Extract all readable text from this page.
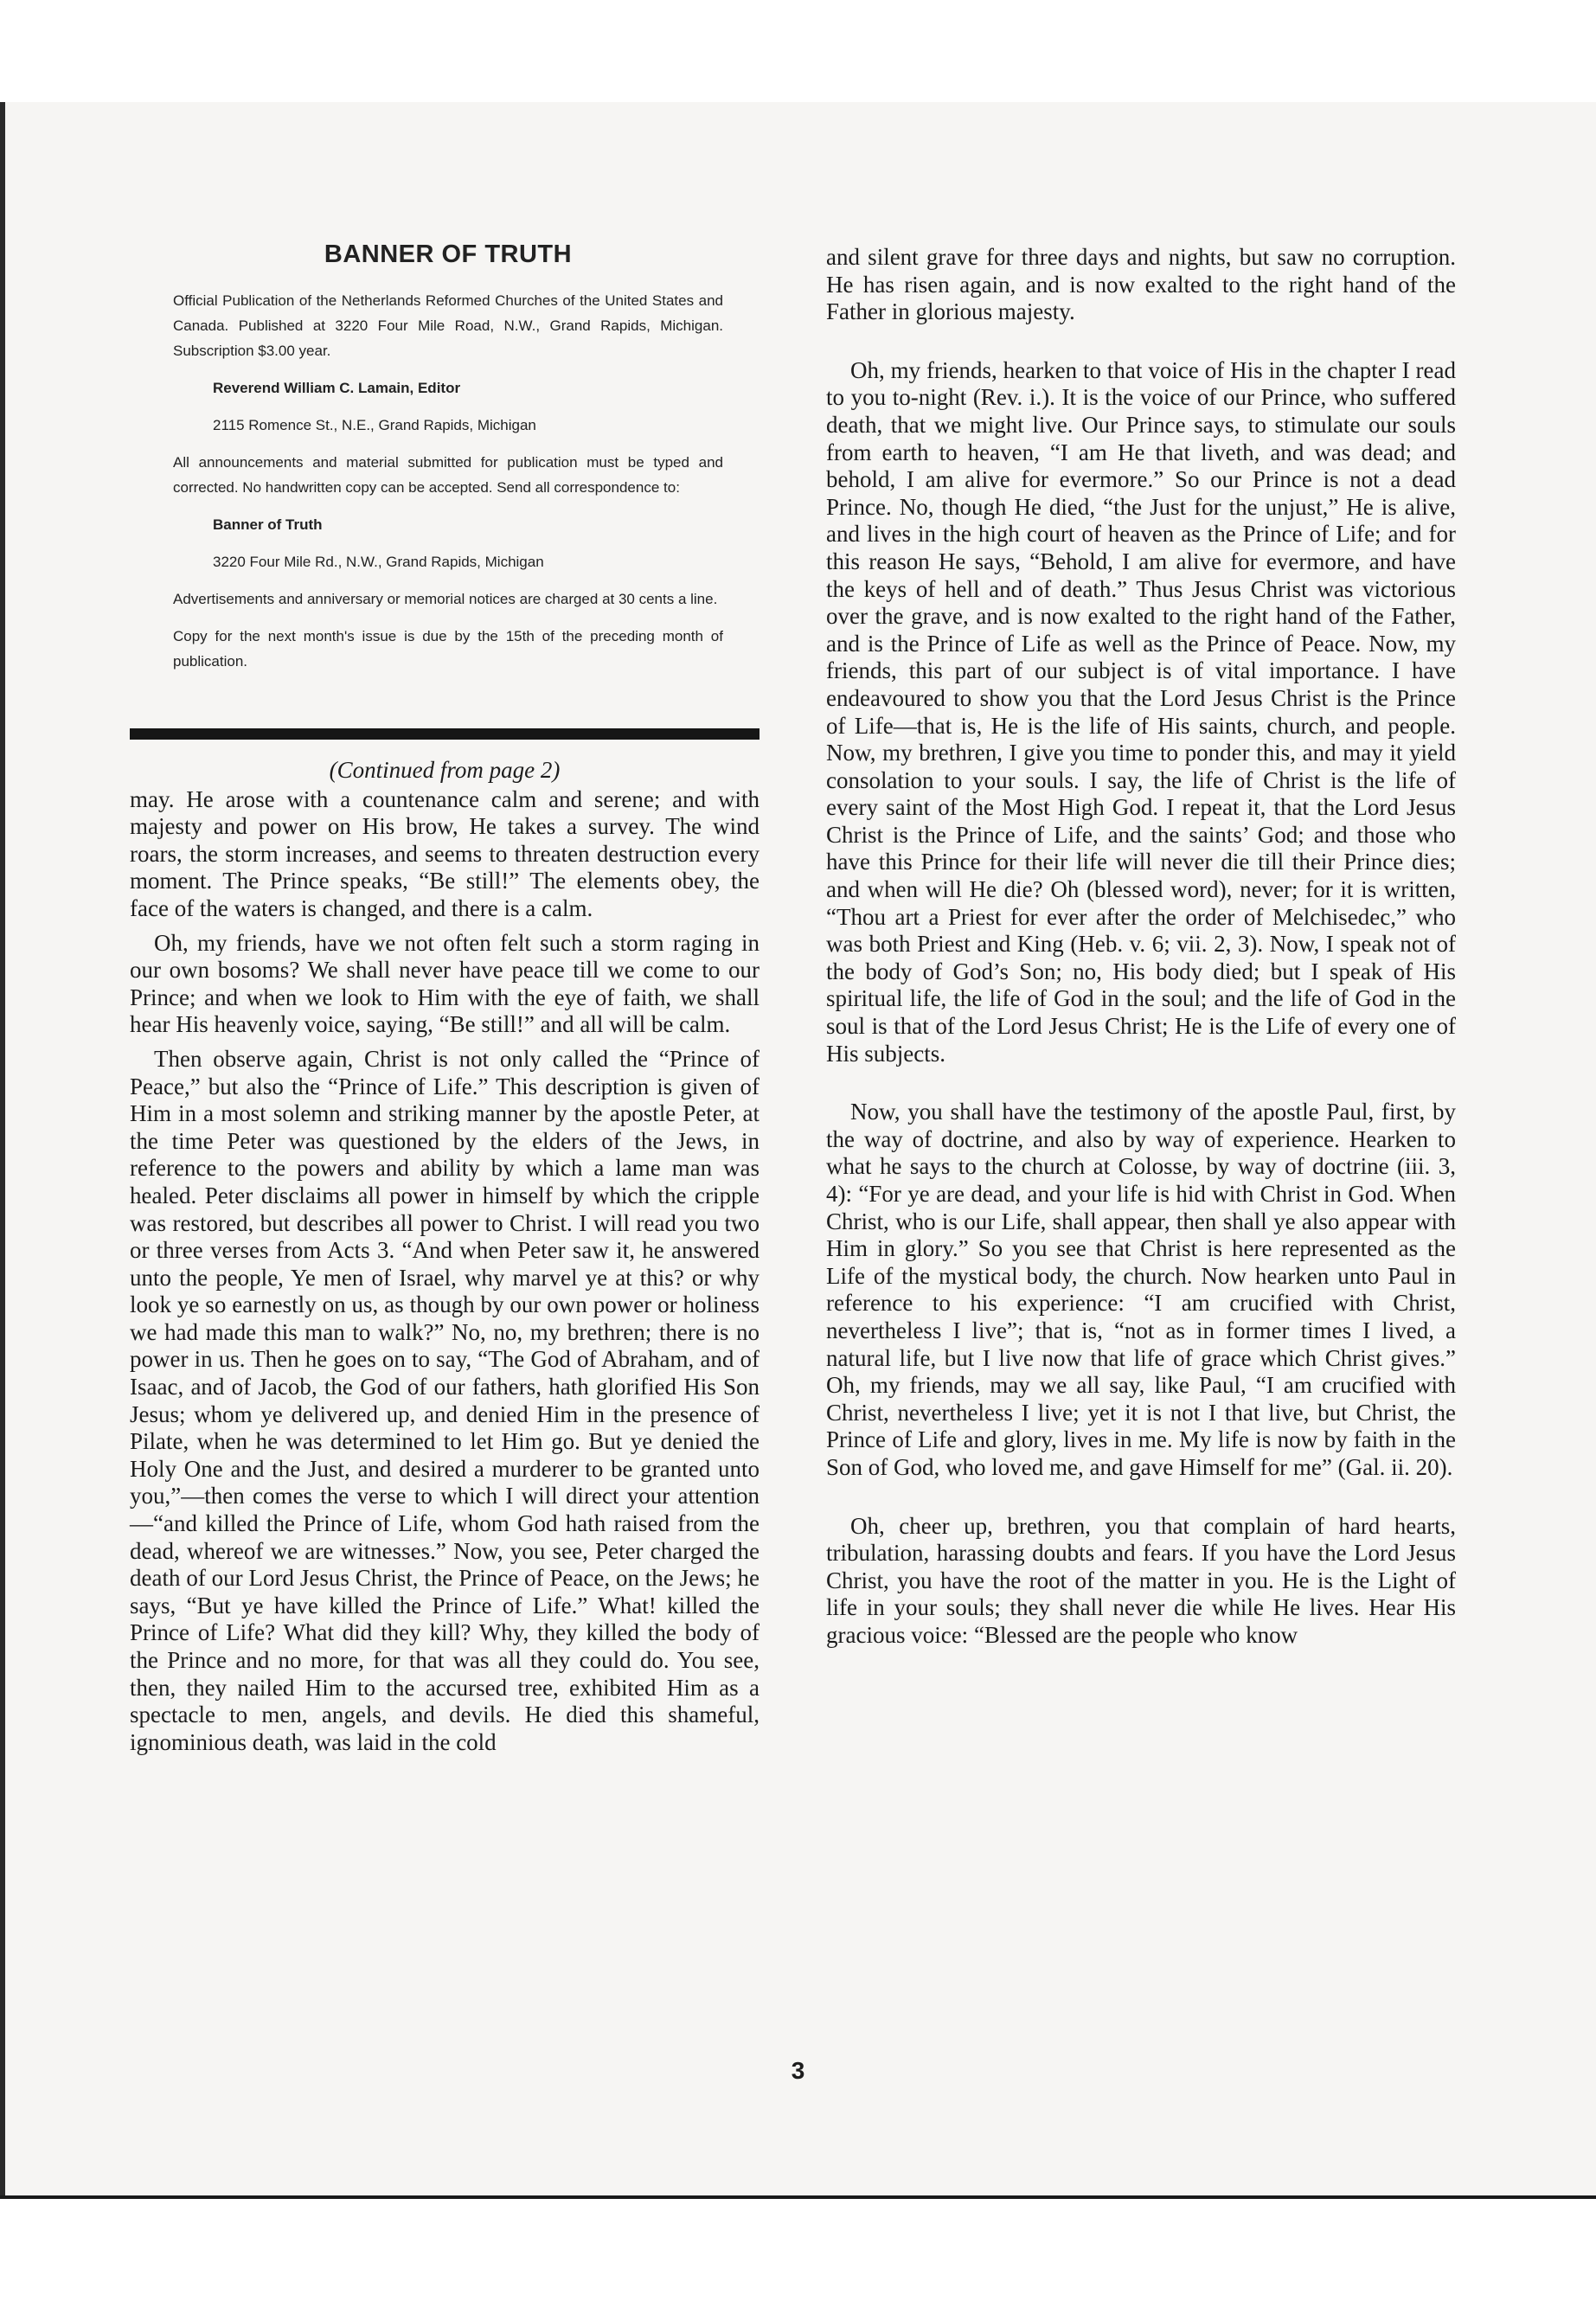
BANNER OF TRUTH

Official Publication of the Netherlands Reformed Churches of the United States and Canada. Published at 3220 Four Mile Road, N.W., Grand Rapids, Michigan. Subscription $3.00 year.

Reverend William C. Lamain, Editor

2115 Romence St., N.E., Grand Rapids, Michigan

All announcements and material submitted for publication must be typed and corrected. No handwritten copy can be accepted. Send all correspondence to:

Banner of Truth

3220 Four Mile Rd., N.W., Grand Rapids, Michigan

Advertisements and anniversary or memorial notices are charged at 30 cents a line.

Copy for the next month's issue is due by the 15th of the preceding month of publication.

(Continued from page 2)

may. He arose with a countenance calm and serene; and with majesty and power on His brow, He takes a survey. The wind roars, the storm increases, and seems to threaten destruction every moment. The Prince speaks, “Be still!” The elements obey, the face of the waters is changed, and there is a calm.

Oh, my friends, have we not often felt such a storm raging in our own bosoms? We shall never have peace till we come to our Prince; and when we look to Him with the eye of faith, we shall hear His heavenly voice, saying, “Be still!” and all will be calm.

Then observe again, Christ is not only called the “Prince of Peace,” but also the “Prince of Life.” This description is given of Him in a most solemn and striking manner by the apostle Peter, at the time Peter was questioned by the elders of the Jews, in reference to the powers and ability by which a lame man was healed. Peter disclaims all power in himself by which the cripple was restored, but describes all power to Christ. I will read you two or three verses from Acts 3. “And when Peter saw it, he answered unto the people, Ye men of Israel, why marvel ye at this? or why look ye so earnestly on us, as though by our own power or holiness we had made this man to walk?” No, no, my brethren; there is no power in us. Then he goes on to say, “The God of Abraham, and of Isaac, and of Jacob, the God of our fathers, hath glorified His Son Jesus; whom ye delivered up, and denied Him in the presence of Pilate, when he was determined to let Him go. But ye denied the Holy One and the Just, and desired a murderer to be granted unto you,”—then comes the verse to which I will direct your attention—“and killed the Prince of Life, whom God hath raised from the dead, whereof we are witnesses.” Now, you see, Peter charged the death of our Lord Jesus Christ, the Prince of Peace, on the Jews; he says, “But ye have killed the Prince of Life.” What! killed the Prince of Life? What did they kill? Why, they killed the body of the Prince and no more, for that was all they could do. You see, then, they nailed Him to the accursed tree, exhibited Him as a spectacle to men, angels, and devils. He died this shameful, ignominious death, was laid in the cold

and silent grave for three days and nights, but saw no corruption. He has risen again, and is now exalted to the right hand of the Father in glorious majesty.

Oh, my friends, hearken to that voice of His in the chapter I read to you to-night (Rev. i.). It is the voice of our Prince, who suffered death, that we might live. Our Prince says, to stimulate our souls from earth to heaven, “I am He that liveth, and was dead; and behold, I am alive for evermore.” So our Prince is not a dead Prince. No, though He died, “the Just for the unjust,” He is alive, and lives in the high court of heaven as the Prince of Life; and for this reason He says, “Behold, I am alive for evermore, and have the keys of hell and of death.” Thus Jesus Christ was victorious over the grave, and is now exalted to the right hand of the Father, and is the Prince of Life as well as the Prince of Peace. Now, my friends, this part of our subject is of vital importance. I have endeavoured to show you that the Lord Jesus Christ is the Prince of Life—that is, He is the life of His saints, church, and people. Now, my brethren, I give you time to ponder this, and may it yield consolation to your souls. I say, the life of Christ is the life of every saint of the Most High God. I repeat it, that the Lord Jesus Christ is the Prince of Life, and the saints’ God; and those who have this Prince for their life will never die till their Prince dies; and when will He die? Oh (blessed word), never; for it is written, “Thou art a Priest for ever after the order of Melchisedec,” who was both Priest and King (Heb. v. 6; vii. 2, 3). Now, I speak not of the body of God’s Son; no, His body died; but I speak of His spiritual life, the life of God in the soul; and the life of God in the soul is that of the Lord Jesus Christ; He is the Life of every one of His subjects.

Now, you shall have the testimony of the apostle Paul, first, by the way of doctrine, and also by way of experience. Hearken to what he says to the church at Colosse, by way of doctrine (iii. 3, 4): “For ye are dead, and your life is hid with Christ in God. When Christ, who is our Life, shall appear, then shall ye also appear with Him in glory.” So you see that Christ is here represented as the Life of the mystical body, the church. Now hearken unto Paul in reference to his experience: “I am crucified with Christ, nevertheless I live”; that is, “not as in former times I lived, a natural life, but I live now that life of grace which Christ gives.” Oh, my friends, may we all say, like Paul, “I am crucified with Christ, nevertheless I live; yet it is not I that live, but Christ, the Prince of Life and glory, lives in me. My life is now by faith in the Son of God, who loved me, and gave Himself for me” (Gal. ii. 20).

Oh, cheer up, brethren, you that complain of hard hearts, tribulation, harassing doubts and fears. If you have the Lord Jesus Christ, you have the root of the matter in you. He is the Light of life in your souls; they shall never die while He lives. Hear His gracious voice: “Blessed are the people who know

3
